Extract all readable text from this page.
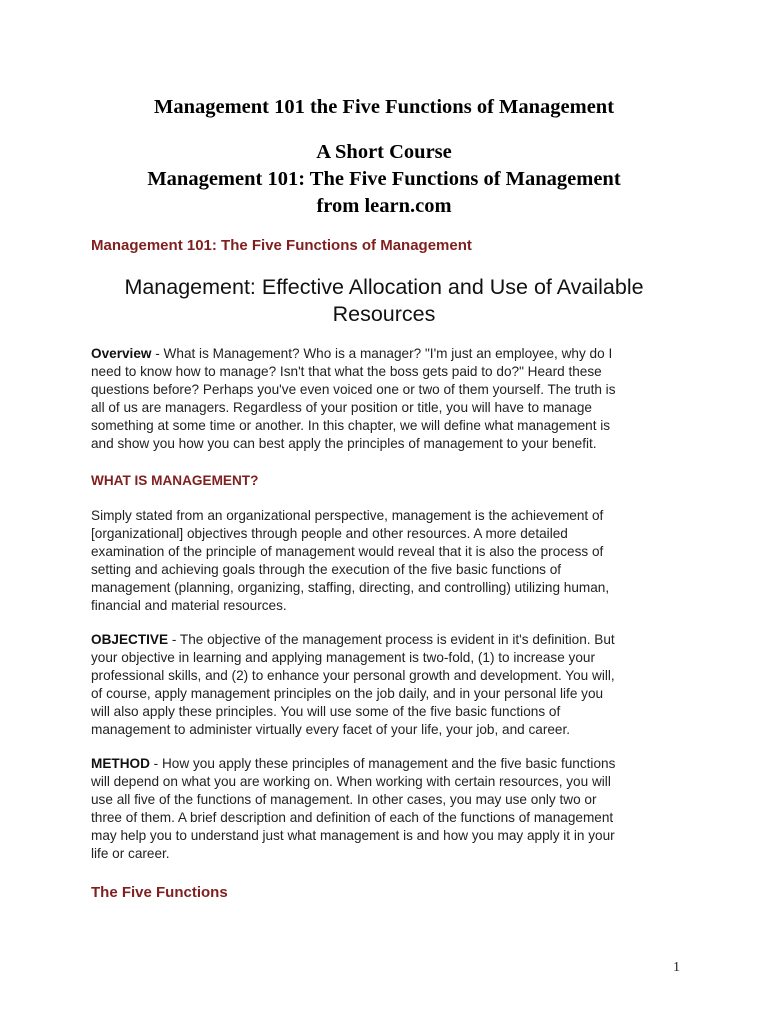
Management 101 the Five Functions of Management
A Short Course
Management 101: The Five Functions of Management
from learn.com
Management 101: The Five Functions of Management
Management: Effective Allocation and Use of Available
Resources
Overview - What is Management? Who is a manager? "I'm just an employee, why do I
need to know how to manage? Isn't that what the boss gets paid to do?" Heard these
questions before? Perhaps you've even voiced one or two of them yourself. The truth is
all of us are managers. Regardless of your position or title, you will have to manage
something at some time or another. In this chapter, we will define what management is
and show you how you can best apply the principles of management to your benefit.
WHAT IS MANAGEMENT?
Simply stated from an organizational perspective, management is the achievement of
[organizational] objectives through people and other resources. A more detailed
examination of the principle of management would reveal that it is also the process of
setting and achieving goals through the execution of the five basic functions of
management (planning, organizing, staffing, directing, and controlling) utilizing human,
financial and material resources.
OBJECTIVE - The objective of the management process is evident in it's definition. But
your objective in learning and applying management is two-fold, (1) to increase your
professional skills, and (2) to enhance your personal growth and development. You will,
of course, apply management principles on the job daily, and in your personal life you
will also apply these principles. You will use some of the five basic functions of
management to administer virtually every facet of your life, your job, and career.
METHOD - How you apply these principles of management and the five basic functions
will depend on what you are working on. When working with certain resources, you will
use all five of the functions of management. In other cases, you may use only two or
three of them. A brief description and definition of each of the functions of management
may help you to understand just what management is and how you may apply it in your
life or career.
The Five Functions
1
